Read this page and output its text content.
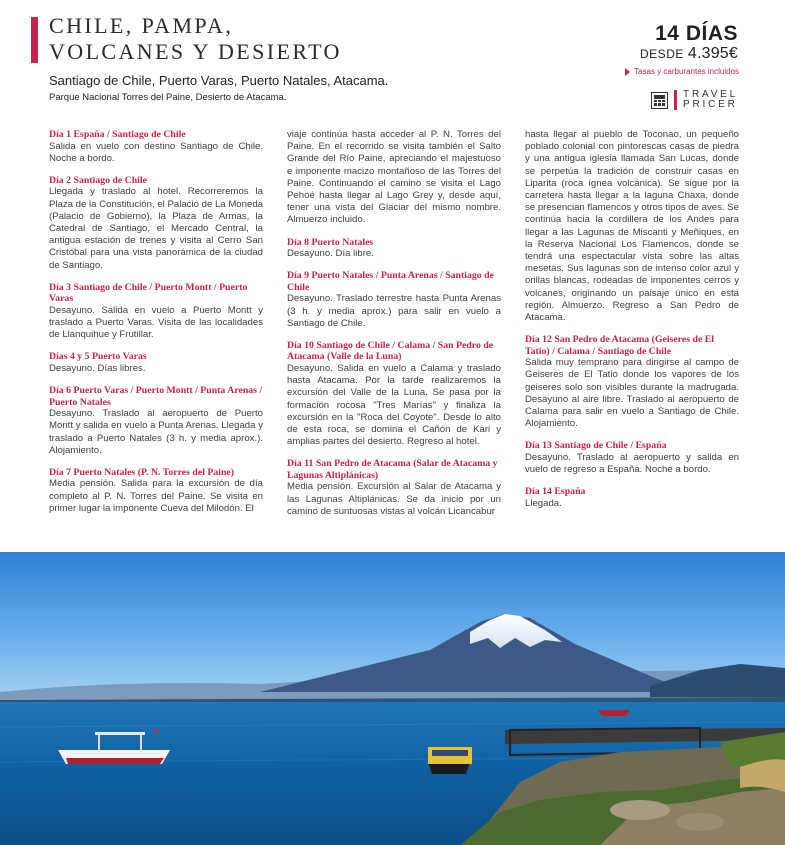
CHILE, PAMPA,
VOLCANES Y DESIERTO
14 DÍAS
DESDE 4.395€
Tasas y carburantes incluidos
TRAVEL
PRICER
Santiago de Chile, Puerto Varas, Puerto Natales, Atacama.
Parque Nacional Torres del Paine, Desierto de Atacama.
Día 1 España / Santiago de Chile

Salida en vuelo con destino Santiago de Chile. Noche a bordo.

Día 2 Santiago de Chile

Llegada y traslado al hotel. Recorreremos la Plaza de la Constitución, el Palacio de La Moneda (Palacio de Gobierno), la Plaza de Armas, la Catedral de Santiago, el Mercado Central, la antigua estación de trenes y visita al Cerro San Cristóbal para una vista panorámica de la ciudad de Santiago.

Día 3 Santiago de Chile / Puerto Montt / Puerto Varas

Desayuno. Salida en vuelo a Puerto Montt y traslado a Puerto Varas. Visita de las localidades de Llanquihue y Frutillar.

Días 4 y 5 Puerto Varas

Desayuno. Días libres.

Día 6 Puerto Varas / Puerto Montt / Punta Arenas / Puerto Natales

Desayuno. Traslado al aeropuerto de Puerto Montt y salida en vuelo a Punta Arenas. Llegada y traslado a Puerto Natales (3 h. y media aprox.). Alojamiento.

Día 7 Puerto Natales (P. N. Torres del Paine)

Media pensión. Salida para la excursión de día completo al P. N. Torres del Paine. Se visita en primer lugar la imponente Cueva del Milodón. El

viaje continúa hasta acceder al P. N. Torres del Paine. En el recorrido se visita también el Salto Grande del Río Paine, apreciando el majestuoso e imponente macizo montañoso de las Torres del Paine. Continuando el camino se visita el Lago Pehoé hasta llegar al Lago Grey y, desde aquí, tener una vista del Glaciar del mismo nombre. Almuerzo incluido.

Día 8 Puerto Natales

Desayuno. Día libre.

Día 9 Puerto Natales / Punta Arenas / Santiago de Chile

Desayuno. Traslado terrestre hasta Punta Arenas (3 h. y media aprox.) para salir en vuelo a Santiago de Chile.

Día 10 Santiago de Chile / Calama / San Pedro de Atacama (Valle de la Luna)

Desayuno. Salida en vuelo a Calama y traslado hasta Atacama. Por la tarde realizaremos la excursión del Valle de la Luna. Se pasa por la formación rocosa "Tres Marías" y finaliza la excursión en la "Roca del Coyote". Desde lo alto de esta roca, se domina el Cañón de Kari y amplias partes del desierto. Regreso al hotel.

Día 11 San Pedro de Atacama (Salar de Atacama y Lagunas Altiplánicas)

Media pensión. Excursión al Salar de Atacama y las Lagunas Altiplánicas. Se da inicio por un camino de suntuosas vistas al volcán Licancabur

hasta llegar al pueblo de Toconao, un pequeño poblado colonial con pintorescas casas de piedra y una antigua iglesia llamada San Lucas, donde se perpetúa la tradición de construir casas en Liparita (roca ígnea volcánica). Se sigue por la carretera hasta llegar a la laguna Chaxa, donde se presencian flamencos y otros tipos de aves. Se continúa hacia la cordillera de los Andes para llegar a las Lagunas de Miscanti y Meñiques, en la Reserva Nacional Los Flamencos, donde se tendrá una espectacular vista sobre las altas mesetas. Sus lagunas son de intenso color azul y orillas blancas, rodeadas de imponentes cerros y volcanes, originando un paisaje único en esta región. Almuerzo. Regreso a San Pedro de Atacama.

Día 12 San Pedro de Atacama (Geiseres de El Tatio) / Calama / Santiago de Chile

Salida muy temprano para dirigirse al campo de Geiseres de El Tatio donde los vapores de los geiseres solo son visibles durante la madrugada. Desayuno al aire libre. Traslado al aeropuerto de Calama para salir en vuelo a Santiago de Chile. Alojamiento.

Día 13 Santiago de Chile / España

Desayuno. Traslado al aeropuerto y salida en vuelo de regreso a España. Noche a bordo.

Día 14 España

Llegada.
